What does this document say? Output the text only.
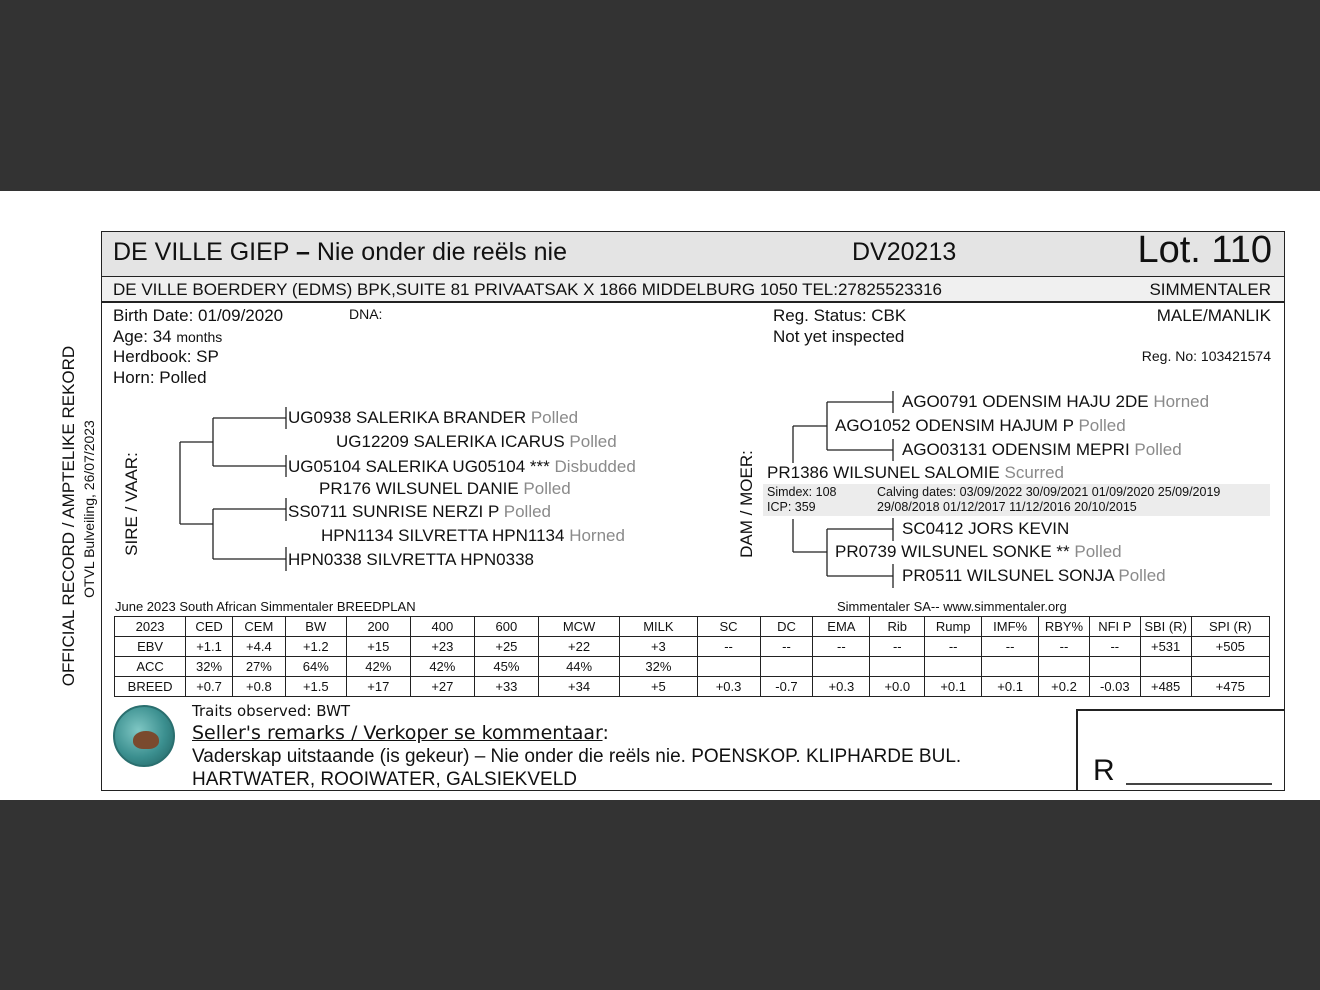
OFFICIAL RECORD / AMPTELIKE REKORD OTVL Bulveiling, 26/07/2023
DE VILLE GIEP – Nie onder die reëls nie	DV20213	Lot. 110
DE VILLE BOERDERY (EDMS) BPK,SUITE 81 PRIVAATSAK X 1866 MIDDELBURG 1050 TEL:27825523316	SIMMENTALER
Birth Date: 01/09/2020	DNA:
Age: 34 months
Herdbook: SP
Horn: Polled
Reg. Status: CBK
Not yet inspected
MALE/MANLIK
Reg. No: 103421574
SIRE / VAAR:
UG0938 SALERIKA BRANDER Polled
UG12209 SALERIKA ICARUS Polled
UG05104 SALERIKA UG05104 *** Disbudded
PR176 WILSUNEL DANIE Polled
SS0711 SUNRISE NERZI P Polled
HPN1134 SILVRETTA HPN1134 Horned
HPN0338 SILVRETTA HPN0338
DAM / MOER:
AGO0791 ODENSIM HAJU 2DE Horned
AGO1052 ODENSIM HAJUM P Polled
AGO03131 ODENSIM MEPRI Polled
PR1386 WILSUNEL SALOMIE Scurred
Simdex: 108
ICP: 359
Calving dates: 03/09/2022 30/09/2021 01/09/2020 25/09/2019
29/08/2018 01/12/2017 11/12/2016 20/10/2015
SC0412 JORS KEVIN
PR0739 WILSUNEL SONKE ** Polled
PR0511 WILSUNEL SONJA Polled
June 2023 South African Simmentaler BREEDPLAN	Simmentaler SA-- www.simmentaler.org
2023	CED	CEM	BW	200	400	600	MCW	MILK	SC	DC	EMA	Rib	Rump	IMF%	RBY%	NFI P	SBI (R)	SPI (R)
EBV	+1.1	+4.4	+1.2	+15	+23	+25	+22	+3	--	--	--	--	--	--	--	--	+531	+505
ACC	32%	27%	64%	42%	42%	45%	44%	32%										
BREED	+0.7	+0.8	+1.5	+17	+27	+33	+34	+5	+0.3	-0.7	+0.3	+0.0	+0.1	+0.1	+0.2	-0.03	+485	+475
Traits observed: BWT
Seller's remarks / Verkoper se kommentaar:
Vaderskap uitstaande (is gekeur) – Nie onder die reëls nie. POENSKOP. KLIPHARDE BUL.
HARTWATER, ROOIWATER, GALSIEKVELD	R
